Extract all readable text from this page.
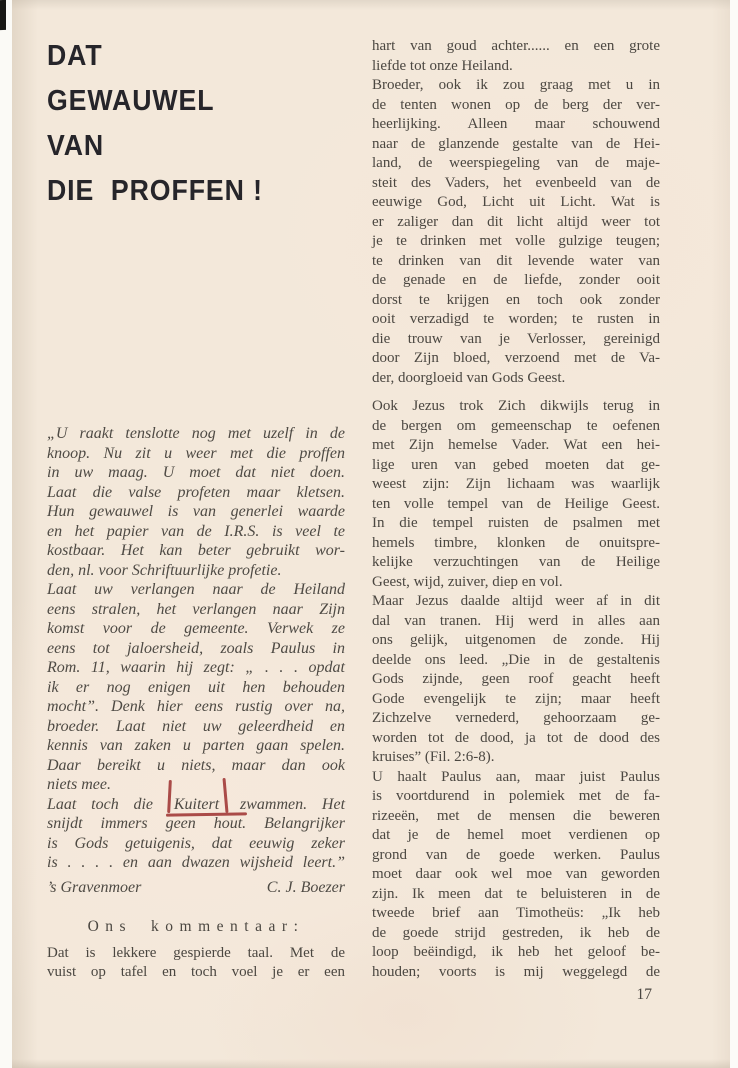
DAT
GEWAUWEL
VAN
DIE  PROFFEN !
„U raakt tenslotte nog met uzelf in de
knoop. Nu zit u weer met die proffen
in uw maag. U moet dat niet doen.
Laat die valse profeten maar kletsen.
Hun gewauwel is van generlei waarde
en het papier van de I.R.S. is veel te
kostbaar. Het kan beter gebruikt wor-
den, nl. voor Schriftuurlijke profetie.
Laat uw verlangen naar de Heiland
eens stralen, het verlangen naar Zijn
komst voor de gemeente. Verwek ze
eens tot jaloersheid, zoals Paulus in
Rom. 11, waarin hij zegt: „ . . . opdat
ik er nog enigen uit hen behouden
mocht”. Denk hier eens rustig over na,
broeder. Laat niet uw geleerdheid en
kennis van zaken u parten gaan spelen.
Daar bereikt u niets, maar dan ook
niets mee.
Laat toch die Kuitert zwammen. Het
snijdt immers geen hout. Belangrijker
is Gods getuigenis, dat eeuwig zeker
is . . . . en aan dwazen wijsheid leert.”
’s Gravenmoer	C. J. Boezer
Ons kommentaar:
Dat is lekkere gespierde taal. Met de
vuist op tafel en toch voel je er een
hart van goud achter...... en een grote
liefde tot onze Heiland.
Broeder, ook ik zou graag met u in
de tenten wonen op de berg der ver-
heerlijking. Alleen maar schouwend
naar de glanzende gestalte van de Hei-
land, de weerspiegeling van de maje-
steit des Vaders, het evenbeeld van de
eeuwige God, Licht uit Licht. Wat is
er zaliger dan dit licht altijd weer tot
je te drinken met volle gulzige teugen;
te drinken van dit levende water van
de genade en de liefde, zonder ooit
dorst te krijgen en toch ook zonder
ooit verzadigd te worden; te rusten in
die trouw van je Verlosser, gereinigd
door Zijn bloed, verzoend met de Va-
der, doorgloeid van Gods Geest.
Ook Jezus trok Zich dikwijls terug in
de bergen om gemeenschap te oefenen
met Zijn hemelse Vader. Wat een hei-
lige uren van gebed moeten dat ge-
weest zijn: Zijn lichaam was waarlijk
ten volle tempel van de Heilige Geest.
In die tempel ruisten de psalmen met
hemels timbre, klonken de onuitspre-
kelijke verzuchtingen van de Heilige
Geest, wijd, zuiver, diep en vol.
Maar Jezus daalde altijd weer af in dit
dal van tranen. Hij werd in alles aan
ons gelijk, uitgenomen de zonde. Hij
deelde ons leed. „Die in de gestaltenis
Gods zijnde, geen roof geacht heeft
Gode evengelijk te zijn; maar heeft
Zichzelve vernederd, gehoorzaam ge-
worden tot de dood, ja tot de dood des
kruises” (Fil. 2:6-8).
U haalt Paulus aan, maar juist Paulus
is voortdurend in polemiek met de fa-
rizeeën, met de mensen die beweren
dat je de hemel moet verdienen op
grond van de goede werken. Paulus
moet daar ook wel moe van geworden
zijn. Ik meen dat te beluisteren in de
tweede brief aan Timotheüs: „Ik heb
de goede strijd gestreden, ik heb de
loop beëindigd, ik heb het geloof be-
houden; voorts is mij weggelegd de
17
